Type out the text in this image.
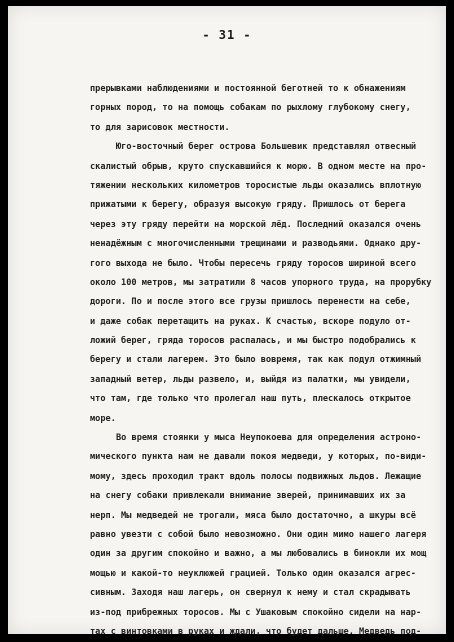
- 31 -
прерывками наблюдениями и постоянной беготней то к обнажениям
горных пород, то на помощь собакам по рыхлому глубокому снегу,
то для зарисовок местности.
Юго-восточный берег острова Большевик представлял отвесный
скалистый обрыв, круто спускавшийся к морю. В одном месте на про-
тяжении нескольких километров торосистые льды оказались вплотную
прижатыми к берегу, образуя высокую гряду. Пришлось от берега
через эту гряду перейти на морской лёд. Последний оказался очень
ненадёжным с многочисленными трещинами и разводьями. Однако дру-
гого выхода не было. Чтобы пересечь гряду торосов шириной всего
около 100 метров, мы затратили 8 часов упорного труда, на прорубку
дороги. По и после этого все грузы пришлось перенести на себе,
и даже собак перетащить на руках. К счастью, вскоре подуло от-
ложий берег, гряда торосов распалась, и мы быстро подобрались к
берегу и стали лагерем. Это было вовремя, так как подул отжимный
западный ветер, льды развело, и, выйдя из палатки, мы увидели,
что там, где только что пролегал наш путь, плескалось открытое
море.
Во время стоянки у мыса Неупокоева для определения астроно-
мического пункта нам не давали покоя медведи, у которых, по-види-
мому, здесь проходил тракт вдоль полосы подвижных льдов. Лежащие
на снегу собаки привлекали внимание зверей, принимавших их за
нерп. Мы медведей не трогали, мяса было достаточно, а шкуры всё
равно увезти с собой было невозможно. Они один мимо нашего лагеря
один за другим спокойно и важно, а мы любовались в бинокли их мощ
мощью и какой-то неуклюжей грацией. Только один оказался агрес-
сивным. Заходя наш лагерь, он свернул к нему и стал скрадывать
из-под прибрежных торосов. Мы с Ушаковым спокойно сидели на нар-
тах с винтовками в руках и ждали, что будет дальше. Медведь под-
